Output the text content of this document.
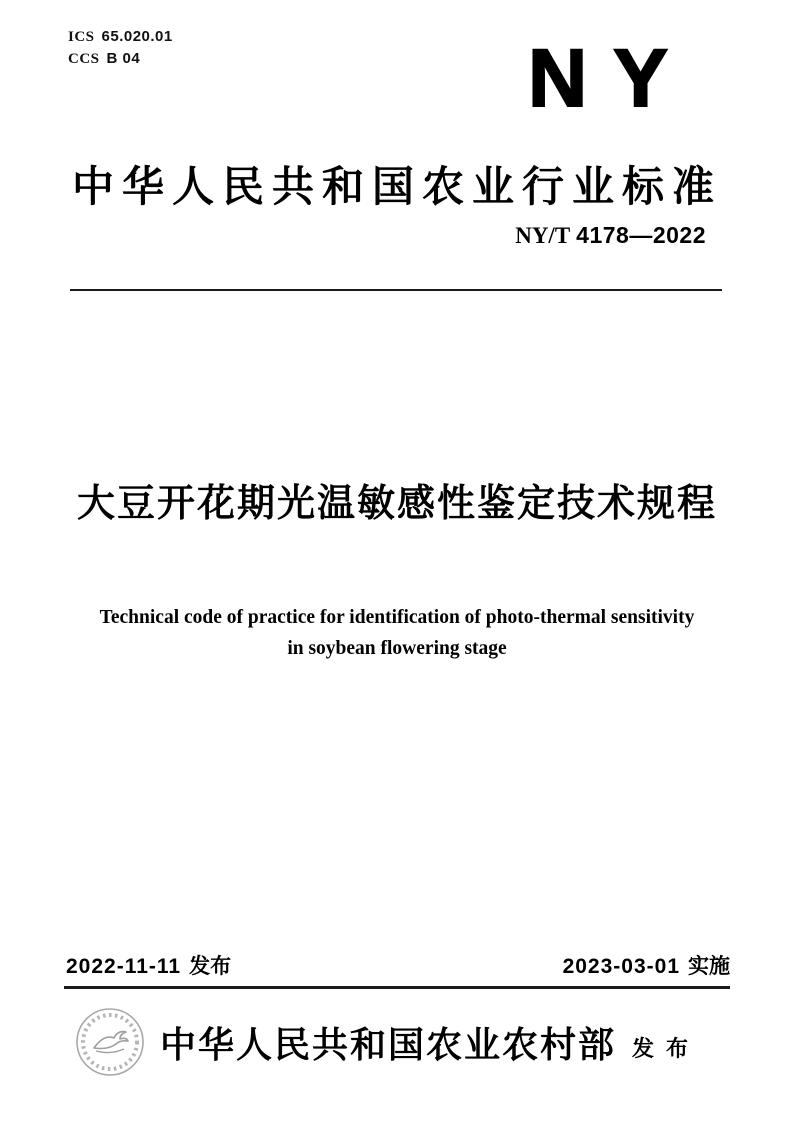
ICS 65.020.01
CCS B 04	NY
中华人民共和国农业行业标准
NY/T 4178—2022
大豆开花期光温敏感性鉴定技术规程
Technical code of practice for identification of photo-thermal sensitivity
in soybean flowering stage
2022-11-11 发布	2023-03-01 实施
中华人民共和国农业农村部 发布
